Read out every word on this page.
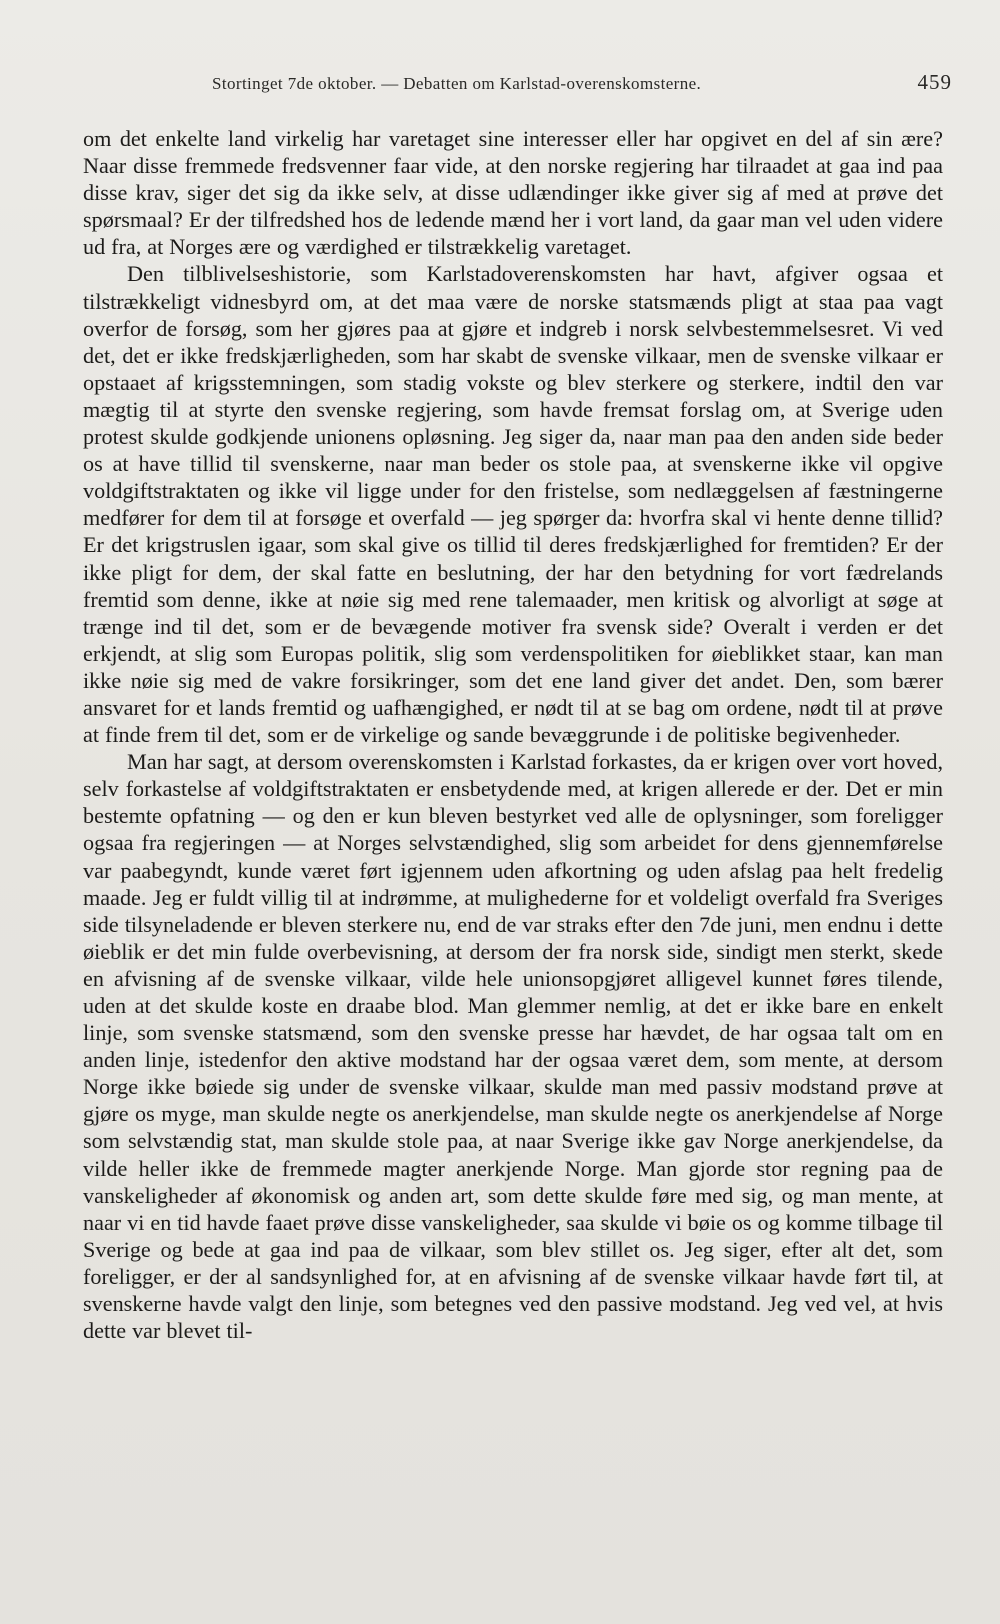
Stortinget 7de oktober. — Debatten om Karlstad-overenskomsterne.	459

om det enkelte land virkelig har varetaget sine interesser eller har opgivet en del af sin ære? Naar disse fremmede fredsvenner faar vide, at den norske regjering har tilraadet at gaa ind paa disse krav, siger det sig da ikke selv, at disse udlændinger ikke giver sig af med at prøve det spørsmaal? Er der tilfredshed hos de ledende mænd her i vort land, da gaar man vel uden videre ud fra, at Norges ære og værdighed er tilstrækkelig varetaget.

Den tilblivelseshistorie, som Karlstadoverenskomsten har havt, afgiver ogsaa et tilstrækkeligt vidnesbyrd om, at det maa være de norske statsmænds pligt at staa paa vagt overfor de forsøg, som her gjøres paa at gjøre et indgreb i norsk selvbestemmelsesret. Vi ved det, det er ikke fredskjærligheden, som har skabt de svenske vilkaar, men de svenske vilkaar er opstaaet af krigsstemningen, som stadig vokste og blev sterkere og sterkere, indtil den var mægtig til at styrte den svenske regjering, som havde fremsat forslag om, at Sverige uden protest skulde godkjende unionens opløsning. Jeg siger da, naar man paa den anden side beder os at have tillid til svenskerne, naar man beder os stole paa, at svenskerne ikke vil opgive voldgiftstraktaten og ikke vil ligge under for den fristelse, som nedlæggelsen af fæstningerne medfører for dem til at forsøge et overfald — jeg spørger da: hvorfra skal vi hente denne tillid? Er det krigstruslen igaar, som skal give os tillid til deres fredskjærlighed for fremtiden? Er der ikke pligt for dem, der skal fatte en beslutning, der har den betydning for vort fædrelands fremtid som denne, ikke at nøie sig med rene talemaader, men kritisk og alvorligt at søge at trænge ind til det, som er de bevægende motiver fra svensk side? Overalt i verden er det erkjendt, at slig som Europas politik, slig som verdenspolitiken for øieblikket staar, kan man ikke nøie sig med de vakre forsikringer, som det ene land giver det andet. Den, som bærer ansvaret for et lands fremtid og uafhængighed, er nødt til at se bag om ordene, nødt til at prøve at finde frem til det, som er de virkelige og sande bevæggrunde i de politiske begivenheder.

Man har sagt, at dersom overenskomsten i Karlstad forkastes, da er krigen over vort hoved, selv forkastelse af voldgiftstraktaten er ensbetydende med, at krigen allerede er der. Det er min bestemte opfatning — og den er kun bleven bestyrket ved alle de oplysninger, som foreligger ogsaa fra regjeringen — at Norges selvstændighed, slig som arbeidet for dens gjennemførelse var paabegyndt, kunde været ført igjennem uden afkortning og uden afslag paa helt fredelig maade. Jeg er fuldt villig til at indrømme, at mulighederne for et voldeligt overfald fra Sveriges side tilsyneladende er bleven sterkere nu, end de var straks efter den 7de juni, men endnu i dette øieblik er det min fulde overbevisning, at dersom der fra norsk side, sindigt men sterkt, skede en afvisning af de svenske vilkaar, vilde hele unionsopgjøret alligevel kunnet føres tilende, uden at det skulde koste en draabe blod. Man glemmer nemlig, at det er ikke bare en enkelt linje, som svenske statsmænd, som den svenske presse har hævdet, de har ogsaa talt om en anden linje, istedenfor den aktive modstand har der ogsaa været dem, som mente, at dersom Norge ikke bøiede sig under de svenske vilkaar, skulde man med passiv modstand prøve at gjøre os myge, man skulde negte os anerkjendelse, man skulde negte os anerkjendelse af Norge som selvstændig stat, man skulde stole paa, at naar Sverige ikke gav Norge anerkjendelse, da vilde heller ikke de fremmede magter anerkjende Norge. Man gjorde stor regning paa de vanskeligheder af økonomisk og anden art, som dette skulde føre med sig, og man mente, at naar vi en tid havde faaet prøve disse vanskeligheder, saa skulde vi bøie os og komme tilbage til Sverige og bede at gaa ind paa de vilkaar, som blev stillet os. Jeg siger, efter alt det, som foreligger, er der al sandsynlighed for, at en afvisning af de svenske vilkaar havde ført til, at svenskerne havde valgt den linje, som betegnes ved den passive modstand. Jeg ved vel, at hvis dette var blevet til-
